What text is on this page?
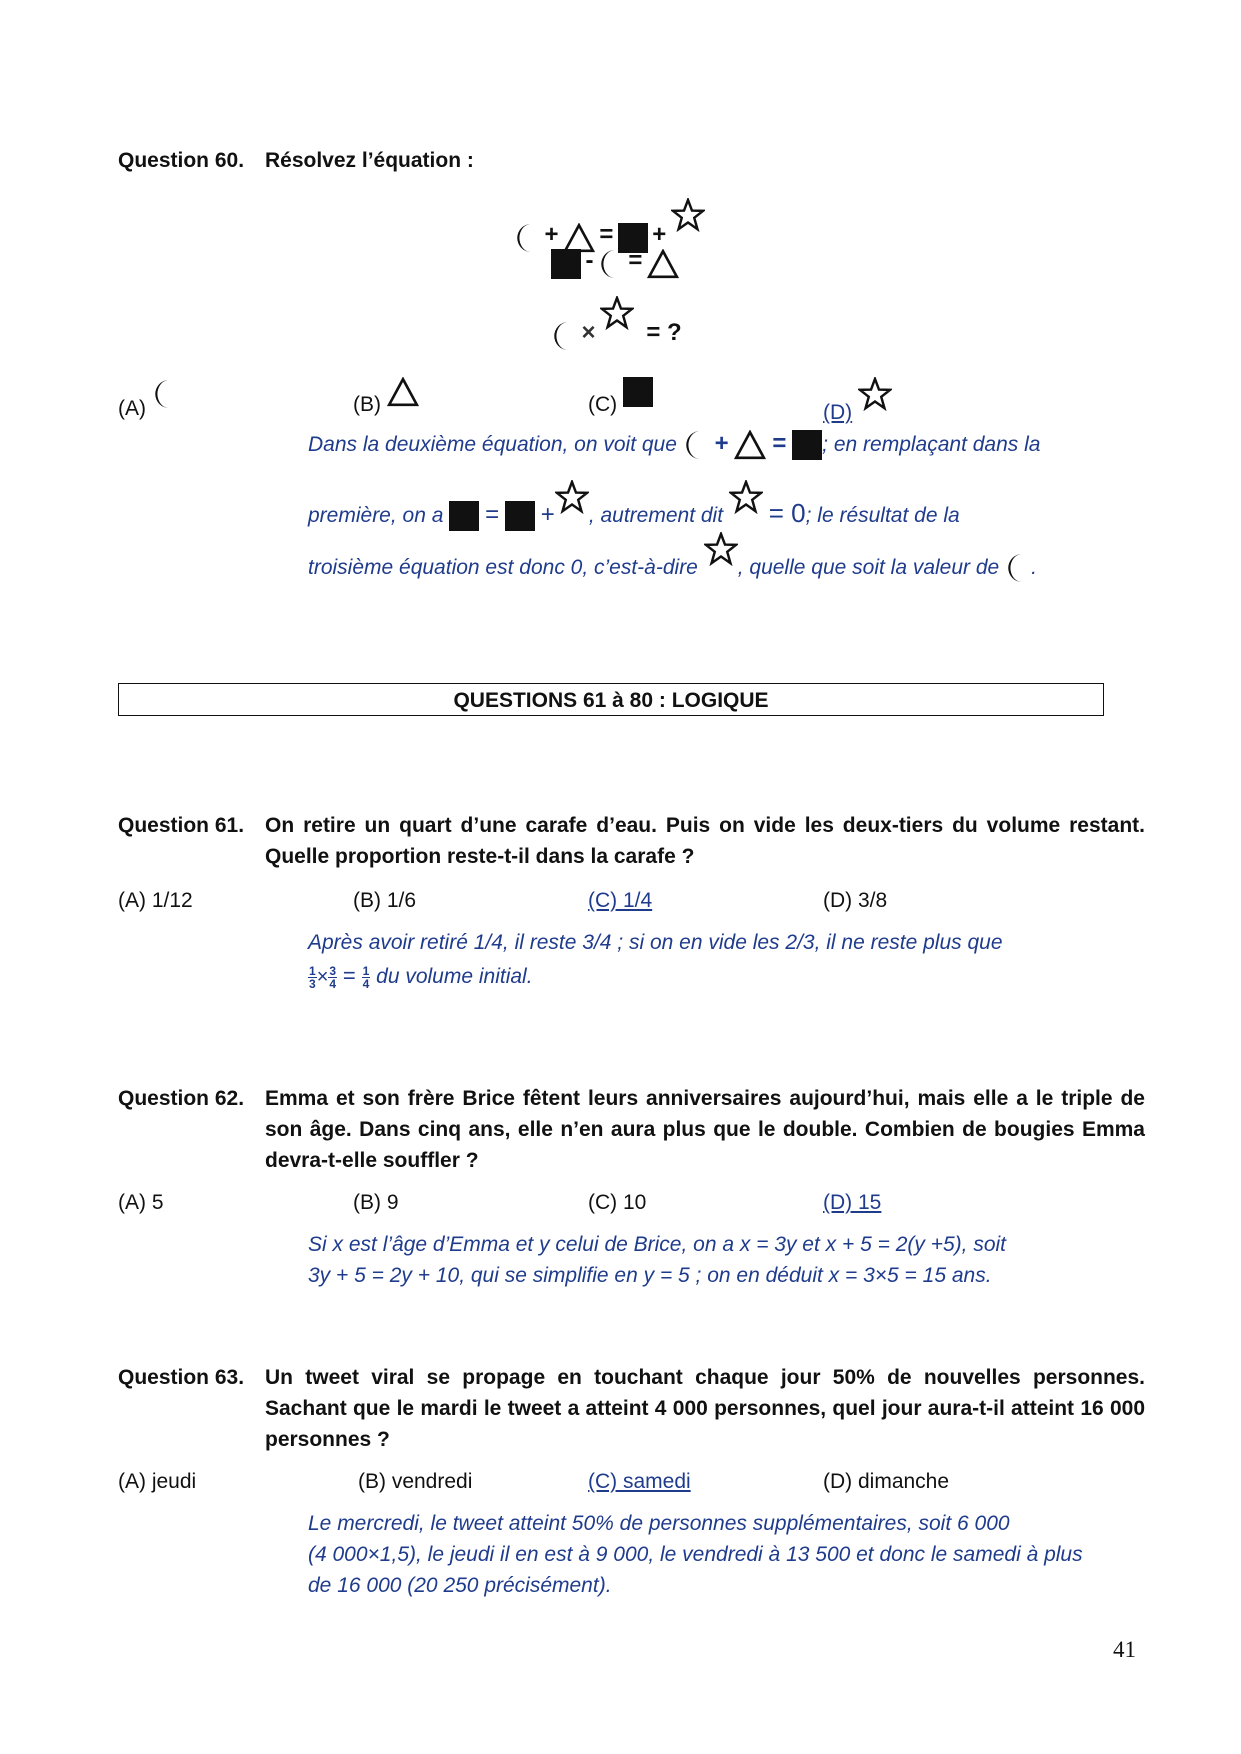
Question 60. Résolvez l’équation :
+ = +
- =
× = ?
(A)	(B)	(C)	(D)
Dans la deuxième équation, on voit que + = ; en remplaçant dans la
première, on a = + , autrement dit = 0; le résultat de la
troisième équation est donc 0, c’est-à-dire , quelle que soit la valeur de .
QUESTIONS 61 à 80 : LOGIQUE
Question 61. On retire un quart d’une carafe d’eau. Puis on vide les deux-tiers du volume restant. Quelle proportion reste-t-il dans la carafe ?
(A) 1/12	(B) 1/6	(C) 1/4	(D) 3/8
Après avoir retiré 1/4, il reste 3/4 ; si on en vide les 2/3, il ne reste plus que
$\frac{1}{3} \times \frac{3}{4} = \frac{1}{4}$ du volume initial.
Question 62. Emma et son frère Brice fêtent leurs anniversaires aujourd’hui, mais elle a le triple de son âge. Dans cinq ans, elle n’en aura plus que le double. Combien de bougies Emma devra-t-elle souffler ?
(A) 5	(B) 9	(C) 10	(D) 15
Si x est l’âge d’Emma et y celui de Brice, on a x = 3y et x + 5 = 2(y +5), soit
3y + 5 = 2y + 10, qui se simplifie en y = 5 ; on en déduit x = 3×5 = 15 ans.
Question 63. Un tweet viral se propage en touchant chaque jour 50% de nouvelles personnes. Sachant que le mardi le tweet a atteint 4 000 personnes, quel jour aura-t-il atteint 16 000 personnes ?
(A) jeudi	(B) vendredi	(C) samedi	(D) dimanche
Le mercredi, le tweet atteint 50% de personnes supplémentaires, soit 6 000
(4 000×1,5), le jeudi il en est à 9 000, le vendredi à 13 500 et donc le samedi à plus
de 16 000 (20 250 précisément).
41
